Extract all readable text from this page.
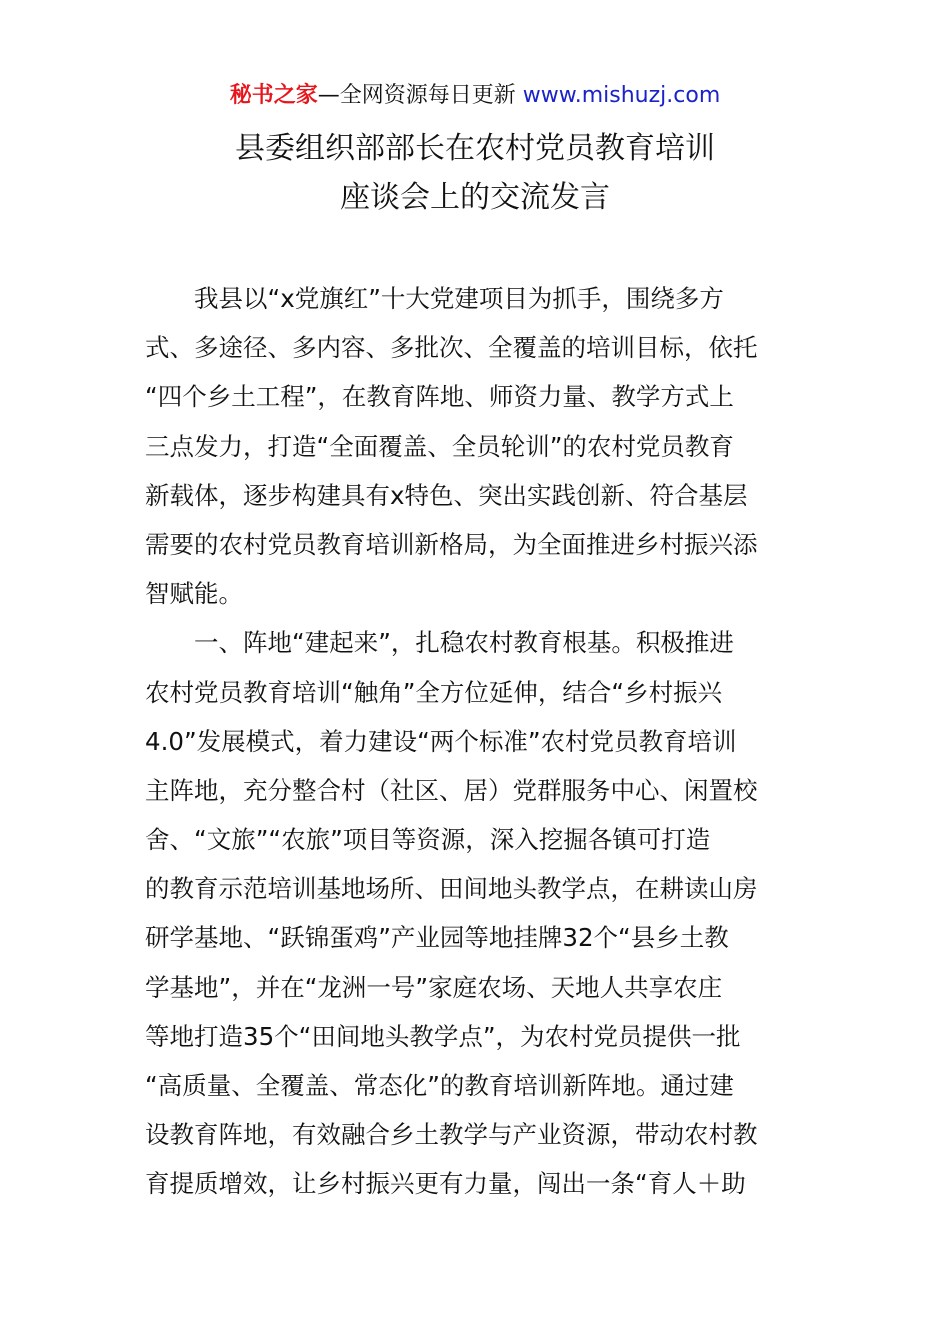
秘书之家—全网资源每日更新 www.mishuzj.com
县委组织部部长在农村党员教育培训
座谈会上的交流发言
　　我县以“x党旗红”十大党建项目为抓手，围绕多方
式、多途径、多内容、多批次、全覆盖的培训目标，依托
“四个乡土工程”，在教育阵地、师资力量、教学方式上
三点发力，打造“全面覆盖、全员轮训”的农村党员教育
新载体，逐步构建具有x特色、突出实践创新、符合基层
需要的农村党员教育培训新格局，为全面推进乡村振兴添
智赋能。
　　一、阵地“建起来”，扎稳农村教育根基。积极推进
农村党员教育培训“触角”全方位延伸，结合“乡村振兴
4.0”发展模式，着力建设“两个标准”农村党员教育培训
主阵地，充分整合村（社区、居）党群服务中心、闲置校
舍、“文旅”“农旅”项目等资源，深入挖掘各镇可打造
的教育示范培训基地场所、田间地头教学点，在耕读山房
研学基地、“跃锦蛋鸡”产业园等地挂牌32个“县乡土教
学基地”，并在“龙洲一号”家庭农场、天地人共享农庄
等地打造35个“田间地头教学点”，为农村党员提供一批
“高质量、全覆盖、常态化”的教育培训新阵地。通过建
设教育阵地，有效融合乡土教学与产业资源，带动农村教
育提质增效，让乡村振兴更有力量，闯出一条“育人＋助
